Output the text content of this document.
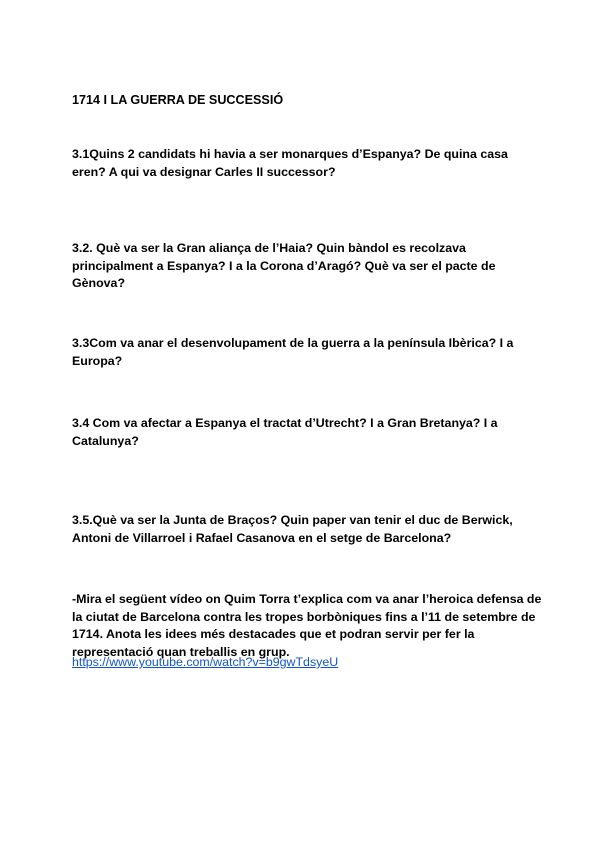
1714 I LA GUERRA DE SUCCESSIÓ

3.1Quins 2 candidats hi havia a ser monarques d’Espanya? De quina casa eren? A qui va designar Carles II successor?

3.2. Què va ser la Gran aliança de l’Haia? Quin bàndol es recolzava principalment a Espanya? I a la Corona d’Aragó? Què va ser el pacte de Gènova?

3.3Com va anar el desenvolupament de la guerra a la península Ibèrica? I a Europa?

3.4 Com va afectar a Espanya el tractat d’Utrecht? I a Gran Bretanya? I a Catalunya?

3.5.Què va ser la Junta de Braços? Quin paper van tenir el duc de Berwick, Antoni de Villarroel i Rafael Casanova en el setge de Barcelona?

-Mira el següent vídeo on Quim Torra t’explica com va anar l’heroica defensa de la ciutat de Barcelona contra les tropes borbòniques fins a l’11 de setembre de 1714. Anota les idees més destacades que et podran servir per fer la representació quan treballis en grup.

https://www.youtube.com/watch?v=b9gwTdsyeU
